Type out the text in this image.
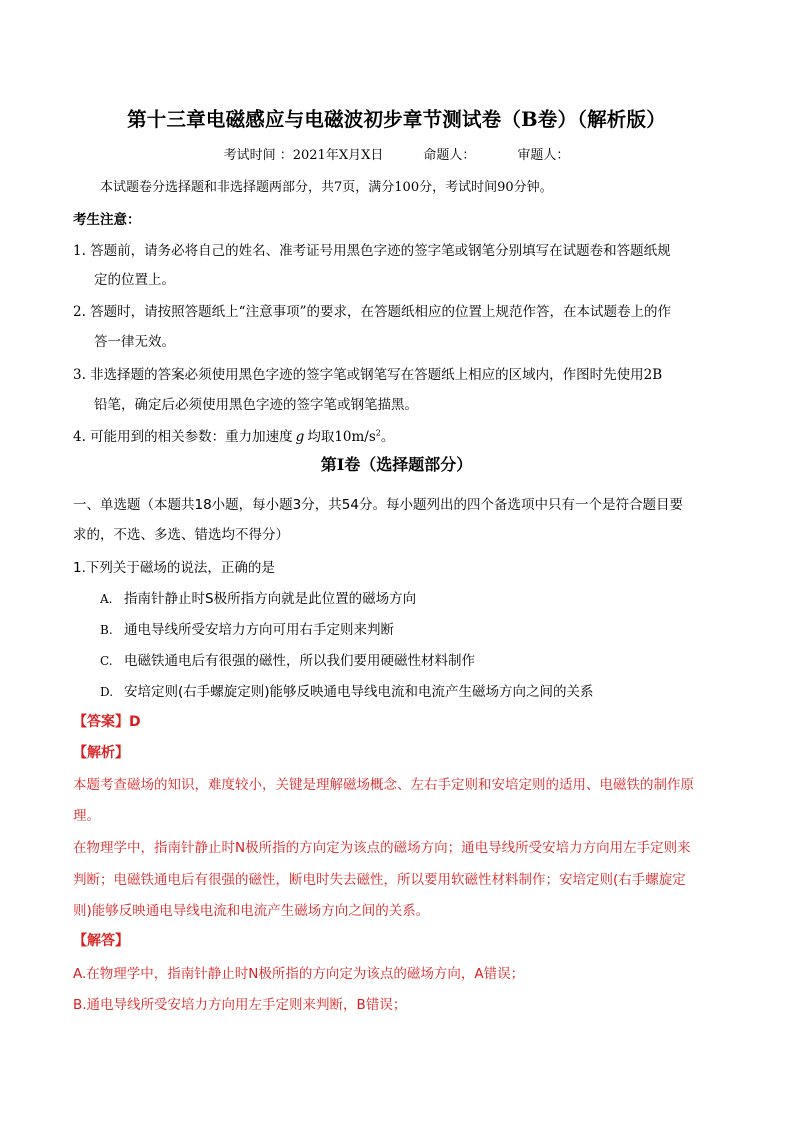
第十三章电磁感应与电磁波初步章节测试卷（B卷）（解析版）
考试时间 ：2021年X月X日	命题人：	审题人：
本试题卷分选择题和非选择题两部分，共7页，满分100分，考试时间90分钟。
考生注意：
1. 答题前，请务必将自己的姓名、准考证号用黑色字迹的签字笔或钢笔分别填写在试题卷和答题纸规
定的位置上。
2. 答题时，请按照答题纸上“注意事项”的要求，在答题纸相应的位置上规范作答，在本试题卷上的作
答一律无效。
3. 非选择题的答案必须使用黑色字迹的签字笔或钢笔写在答题纸上相应的区域内，作图时先使用2B
铅笔，确定后必须使用黑色字迹的签字笔或钢笔描黑。
4. 可能用到的相关参数：重力加速度 g 均取$10m/s^2$。
第I卷（选择题部分）
一、单选题（本题共18小题，每小题3分，共54分。每小题列出的四个备选项中只有一个是符合题目要
求的，不选、多选、错选均不得分）
1.下列关于磁场的说法，正确的是
A. 指南针静止时S极所指方向就是此位置的磁场方向
B. 通电导线所受安培力方向可用右手定则来判断
C. 电磁铁通电后有很强的磁性，所以我们要用硬磁性材料制作
D. 安培定则(右手螺旋定则)能够反映通电导线电流和电流产生磁场方向之间的关系
【答案】D
【解析】
本题考查磁场的知识，难度较小，关键是理解磁场概念、左右手定则和安培定则的适用、电磁铁的制作原
理。
在物理学中，指南针静止时N极所指的方向定为该点的磁场方向；通电导线所受安培力方向用左手定则来
判断；电磁铁通电后有很强的磁性，断电时失去磁性，所以要用软磁性材料制作；安培定则(右手螺旋定
则)能够反映通电导线电流和电流产生磁场方向之间的关系。
【解答】
A.在物理学中，指南针静止时N极所指的方向定为该点的磁场方向，A错误；
B.通电导线所受安培力方向用左手定则来判断，B错误；
